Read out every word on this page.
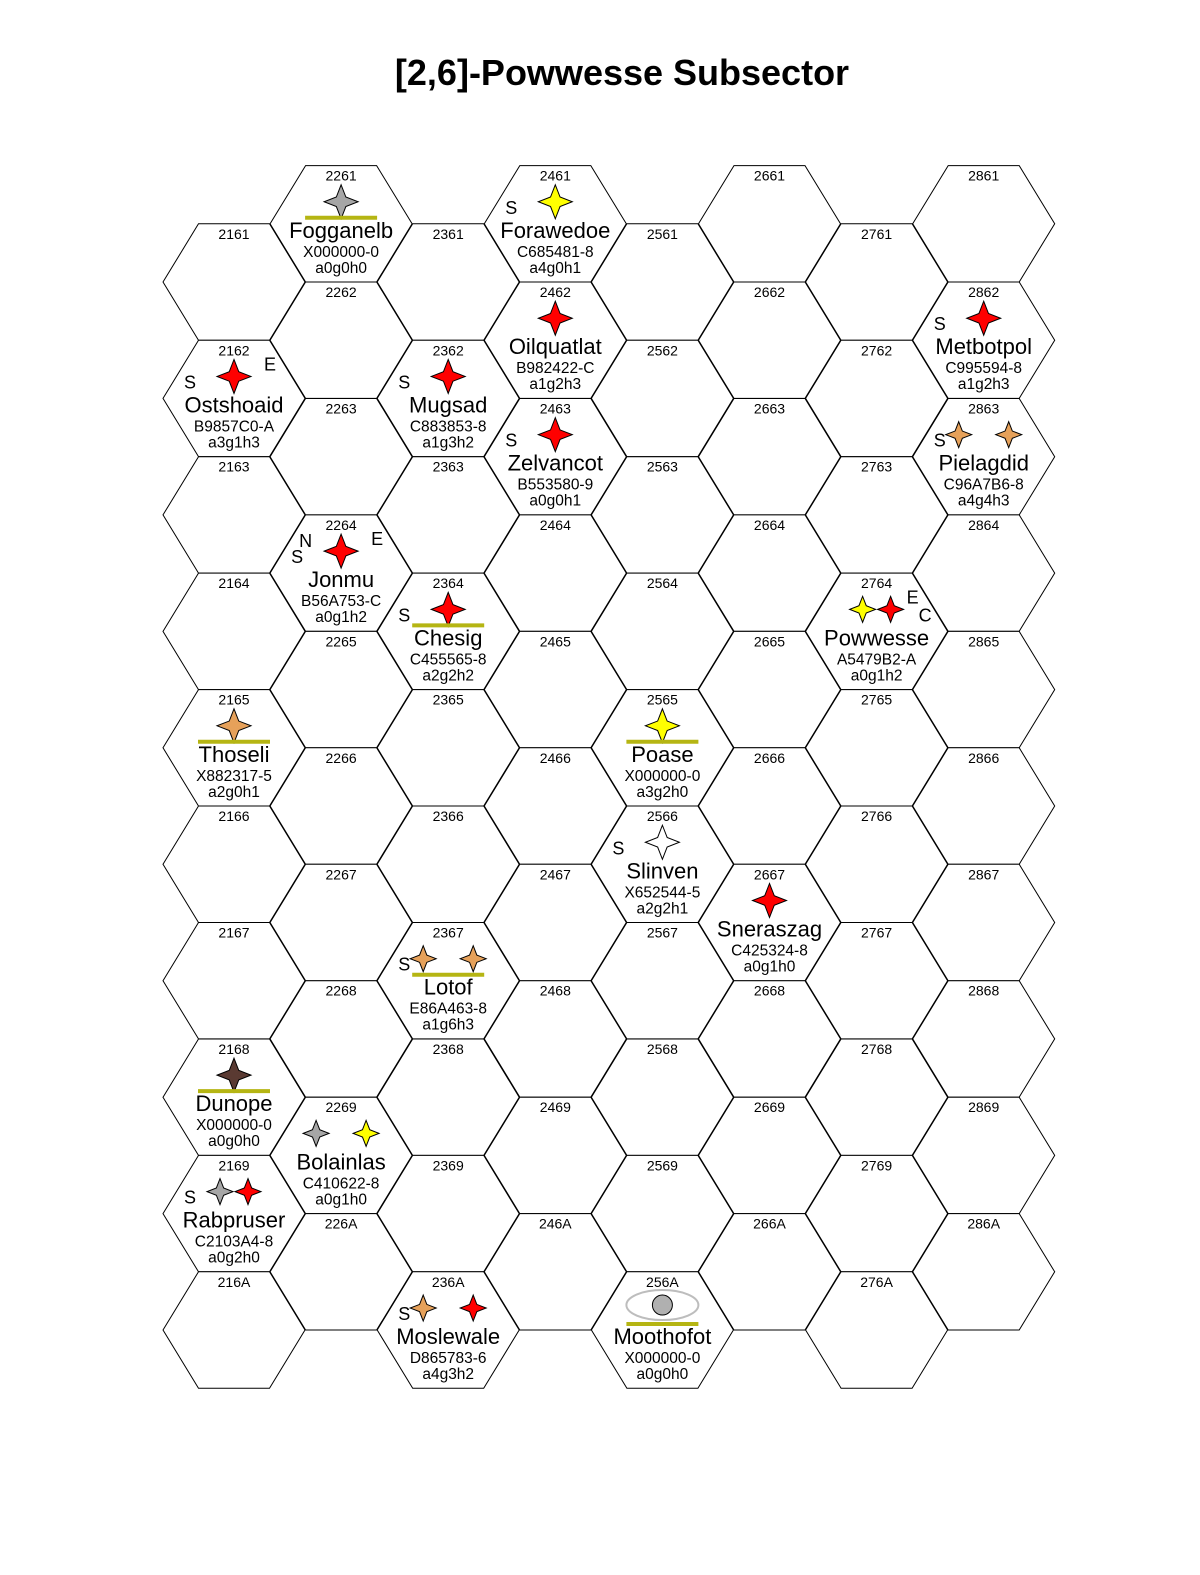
[2,6]-Powwesse Subsector
2161
2162
2163
2164
2165
2166
2167
2168
2169
216A
2261
2262
2263
2264
2265
2266
2267
2268
2269
226A
2361
2362
2363
2364
2365
2366
2367
2368
2369
236A
2461
2462
2463
2464
2465
2466
2467
2468
2469
246A
2561
2562
2563
2564
2565
2566
2567
2568
2569
256A
2661
2662
2663
2664
2665
2666
2667
2668
2669
266A
2761
2762
2763
2764
2765
2766
2767
2768
2769
276A
2861
2862
2863
2864
2865
2866
2867
2868
2869
286A
S
E
Ostshoaid
B9857C0-A
a3g1h3
Thoseli
X882317-5
a2g0h1
Dunope
X000000-0
a0g0h0
S
Rabpruser
C2103A4-8
a0g2h0
Fogganelb
X000000-0
a0g0h0
N
S
E
Jonmu
B56A753-C
a0g1h2
Bolainlas
C410622-8
a0g1h0
S
Mugsad
C883853-8
a1g3h2
S
Chesig
C455565-8
a2g2h2
S
Lotof
E86A463-8
a1g6h3
S
Moslewale
D865783-6
a4g3h2
S
Forawedoe
C685481-8
a4g0h1
Oilquatlat
B982422-C
a1g2h3
S
Zelvancot
B553580-9
a0g0h1
Poase
X000000-0
a3g2h0
S
Slinven
X652544-5
a2g2h1
Moothofot
X000000-0
a0g0h0
Sneraszag
C425324-8
a0g1h0
E
C
Powwesse
A5479B2-A
a0g1h2
S
Metbotpol
C995594-8
a1g2h3
S
Pielagdid
C96A7B6-8
a4g4h3
